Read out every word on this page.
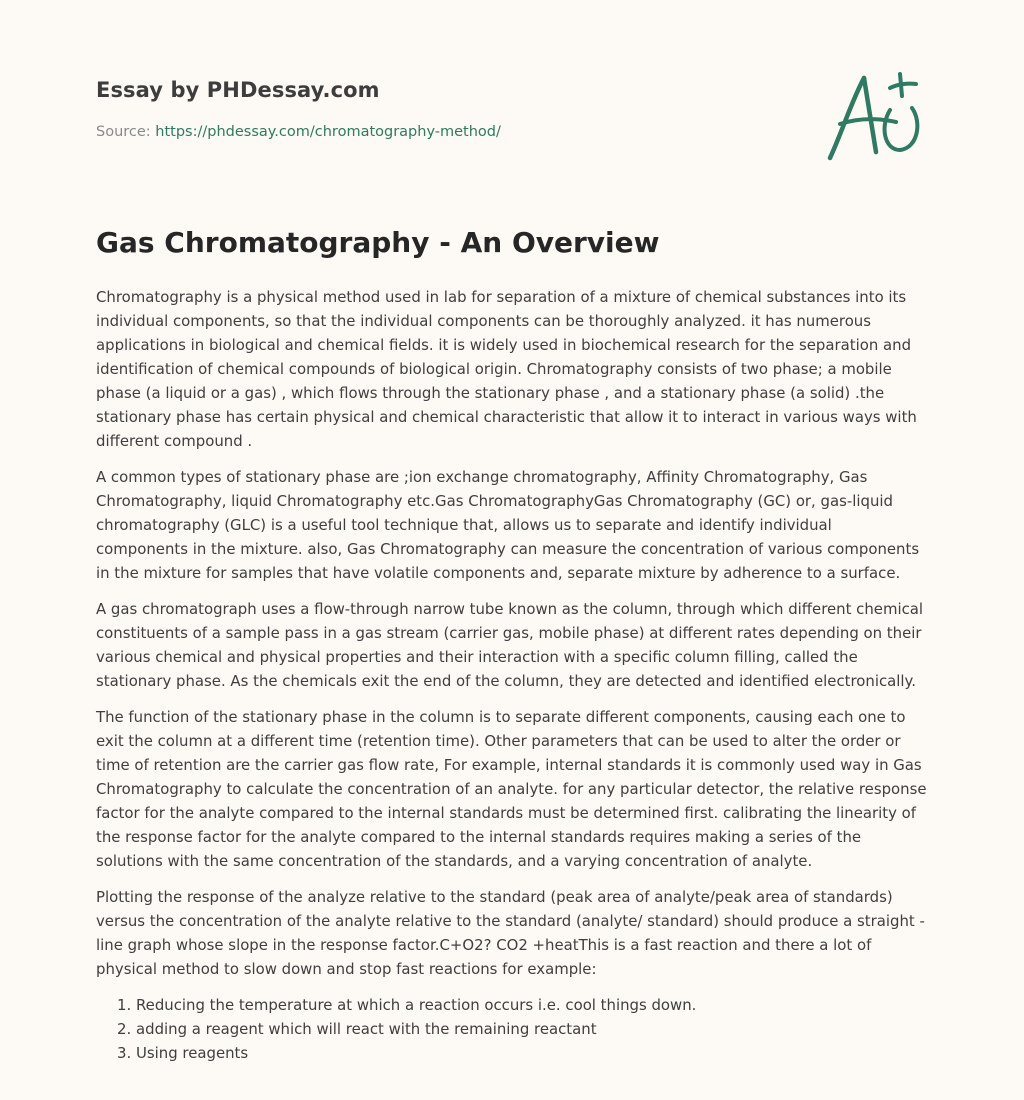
Essay by PHDessay.com
Source: https://phdessay.com/chromatography-method/
Gas Chromatography - An Overview

Chromatography is a physical method used in lab for separation of a mixture of chemical substances into its individual components, so that the individual components can be thoroughly analyzed. it has numerous applications in biological and chemical fields. it is widely used in biochemical research for the separation and identification of chemical compounds of biological origin. Chromatography consists of two phase; a mobile phase (a liquid or a gas) , which flows through the stationary phase , and a stationary phase (a solid) .the stationary phase has certain physical and chemical characteristic that allow it to interact in various ways with different compound .

A common types of stationary phase are ;ion exchange chromatography, Affinity Chromatography, Gas Chromatography, liquid Chromatography etc.Gas ChromatographyGas Chromatography (GC) or, gas-liquid chromatography (GLC) is a useful tool technique that, allows us to separate and identify individual components in the mixture. also, Gas Chromatography can measure the concentration of various components in the mixture for samples that have volatile components and, separate mixture by adherence to a surface.

A gas chromatograph uses a flow-through narrow tube known as the column, through which different chemical constituents of a sample pass in a gas stream (carrier gas, mobile phase) at different rates depending on their various chemical and physical properties and their interaction with a specific column filling, called the stationary phase. As the chemicals exit the end of the column, they are detected and identified electronically.

The function of the stationary phase in the column is to separate different components, causing each one to exit the column at a different time (retention time). Other parameters that can be used to alter the order or time of retention are the carrier gas flow rate, For example, internal standards it is commonly used way in Gas Chromatography to calculate the concentration of an analyte. for any particular detector, the relative response factor for the analyte compared to the internal standards must be determined first. calibrating the linearity of the response factor for the analyte compared to the internal standards requires making a series of the solutions with the same concentration of the standards, and a varying concentration of analyte.

Plotting the response of the analyze relative to the standard (peak area of analyte/peak area of standards) versus the concentration of the analyte relative to the standard (analyte/ standard) should produce a straight -line graph whose slope in the response factor.C+O2? CO2 +heatThis is a fast reaction and there a lot of physical method to slow down and stop fast reactions for example:

1. Reducing the temperature at which a reaction occurs i.e. cool things down.
2. adding a reagent which will react with the remaining reactant
3. Using reagents
